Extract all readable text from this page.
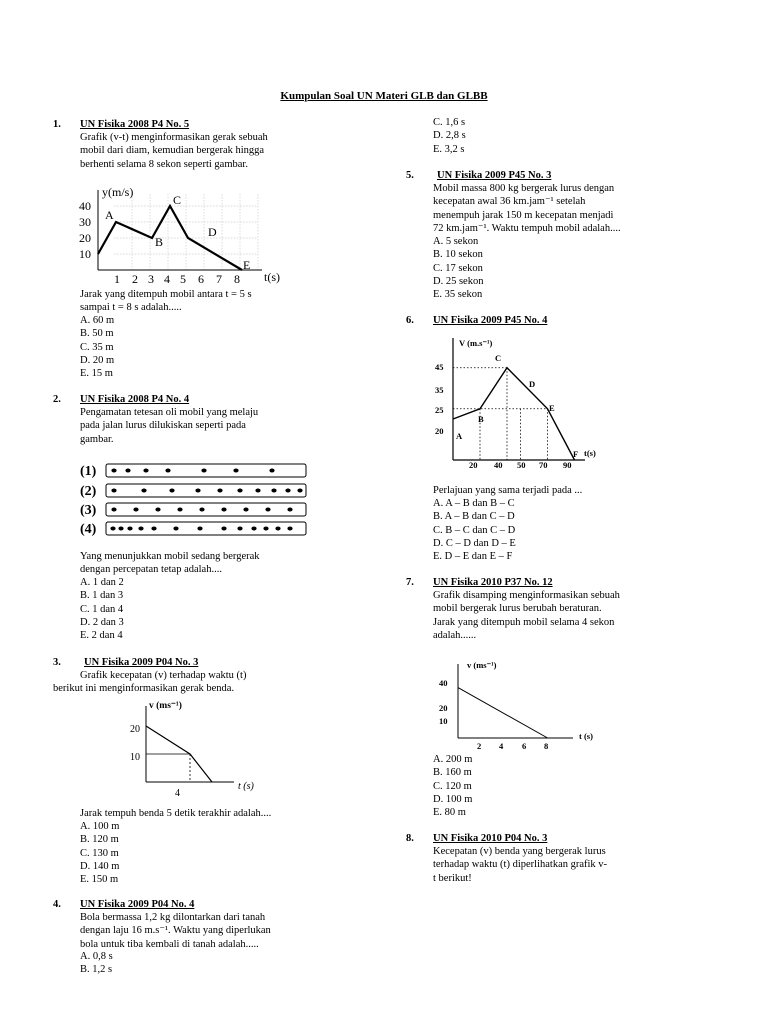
Kumpulan Soal UN Materi GLB dan GLBB
1. UN Fisika 2008 P4 No. 5
Grafik (v-t) menginformasikan gerak sebuah
mobil dari diam, kemudian bergerak hingga
berhenti selama 8 sekon seperti gambar.
y(m/s)
t(s)
40
30
20
10
1 2 3 4 5 6 7 8
A
B
C
D
E
Jarak yang ditempuh mobil antara t = 5 s
sampai t = 8 s adalah.....
A. 60 m
B. 50 m
C. 35 m
D. 20 m
E. 15 m
2. UN Fisika 2008 P4 No. 4
Pengamatan tetesan oli mobil yang melaju
pada jalan lurus dilukiskan seperti pada
gambar.
(1)
(2)
(3)
(4)
Yang menunjukkan mobil sedang bergerak
dengan percepatan tetap adalah....
A. 1 dan 2
B. 1 dan 3
C. 1 dan 4
D. 2 dan 3
E. 2 dan 4
3. UN Fisika 2009 P04 No. 3
Grafik kecepatan (v) terhadap waktu (t)
berikut ini menginformasikan gerak benda.
v (ms⁻¹)
t (s)
20
10
4
Jarak tempuh benda 5 detik terakhir adalah....
A. 100 m
B. 120 m
C. 130 m
D. 140 m
E. 150 m
4. UN Fisika 2009 P04 No. 4
Bola bermassa 1,2 kg dilontarkan dari tanah
dengan laju 16 m.s⁻¹. Waktu yang diperlukan
bola untuk tiba kembali di tanah adalah.....
A. 0,8 s
B. 1,2 s
C. 1,6 s
D. 2,8 s
E. 3,2 s
5. UN Fisika 2009 P45 No. 3
Mobil massa 800 kg bergerak lurus dengan
kecepatan awal 36 km.jam⁻¹ setelah
menempuh jarak 150 m kecepatan menjadi
72 km.jam⁻¹. Waktu tempuh mobil adalah....
A. 5 sekon
B. 10 sekon
C. 17 sekon
D. 25 sekon
E. 35 sekon
6. UN Fisika 2009 P45 No. 4
V (m.s⁻¹)
t(s)
45
35
25
20
20 40 50 70 90
A
B
C
D
E
F
Perlajuan yang sama terjadi pada ...
A. A – B dan B – C
B. A – B dan C – D
C. B – C dan C – D
D. C – D dan D – E
E. D – E dan E – F
7. UN Fisika 2010 P37 No. 12
Grafik disamping menginformasikan sebuah
mobil bergerak lurus berubah beraturan.
Jarak yang ditempuh mobil selama 4 sekon
adalah......
v (ms⁻¹)
t (s)
40
20
10
2 4 6 8
A. 200 m
B. 160 m
C. 120 m
D. 100 m
E. 80 m
8. UN Fisika 2010 P04 No. 3
Kecepatan (v) benda yang bergerak lurus
terhadap waktu (t) diperlihatkan grafik v-
t berikut!
